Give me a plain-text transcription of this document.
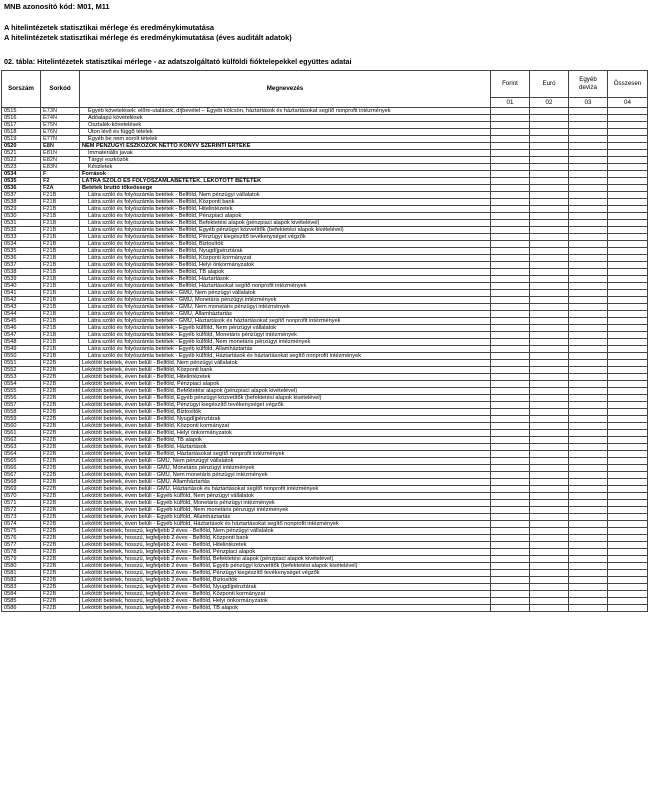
MNB azonosító kód: M01, M11
A hitelintézetek statisztikai mérlege és eredménykimutatása
A hitelintézetek statisztikai mérlege és eredménykimutatása (éves auditált adatok)
02. tábla: Hitelintézetek statisztikai mérlege - az adatszolgáltató külföldi fióktelepekkel együttes adatai
Sorszám	Sorkód	Megnevezés	Forint	Euró	Egyéb deviza	Összesen
			01	02	03	04
0515	E73N	Egyéb követelések: előre-utalások, díjbevétel – Egyéb kölcsön, háztartások és háztartásokat segítő nonprofit intézmények				
0516	E74N	Adóalapú követelések				
0517	E75N	Osztalék-követelések				
0518	E76N	Úton lévő és függő tételek				
0519	E77N	Egyéb be nem sorolt tételek				
0520	E8N	NEM PÉNZÜGYI ESZKÖZÖK NETTÓ KÖNYV SZERINTI ÉRTÉKE				
0521	E81N	Immateriális javak				
0522	E82N	Tárgyi eszközök				
0523	E83N	Készletek				
0534	F	Források				
0535	F2	LÁTRA SZÓLÓ ÉS FOLYÓSZÁMLABETÉTEK, LEKÖTÖTT BETÉTEK				
0536	F2A	Betétek bruttó tőkeössege				
0537	F21B	Látra szóló és folyószámla betétek - Belföld, Nem pénzügyi vállalatok				
0538	F21B	Látra szóló és folyószámla betétek - Belföld, Központi bank				
0529	F21B	Látra szóló és folyószámla betétek - Belföld, Hitelintézetek				
0530	F21B	Látra szóló és folyószámla betétek - Belföld, Pénzpiaci alapok				
0531	F21B	Látra szóló és folyószámla betétek - Belföld, Befektetési alapok (pénzpiaci alapok kivételével)				
0532	F21B	Látra szóló és folyószámla betétek - Belföld, Egyéb pénzügyi közvetítők (befektetési alapok kivételével)				
0533	F21B	Látra szóló és folyószámla betétek - Belföld, Pénzügyi kiegészítő tevékenységet végzők				
0534	F21B	Látra szóló és folyószámla betétek - Belföld, Biztosítók				
0535	F21B	Látra szóló és folyószámla betétek - Belföld, Nyugdíjpénztárak				
0536	F21B	Látra szóló és folyószámla betétek - Belföld, Központi kormányzat				
0537	F21B	Látra szóló és folyószámla betétek - Belföld, Helyi önkormányzatok				
0538	F21B	Látra szóló és folyószámla betétek - Belföld, TB alapok				
0539	F21B	Látra szóló és folyószámla betétek - Belföld, Háztartások				
0540	F21B	Látra szóló és folyószámla betétek - Belföld, Háztartásokat segítő nonprofit intézmények				
0541	F21B	Látra szóló és folyószámla betétek - GMU, Nem pénzügyi vállalatok				
0542	F21B	Látra szóló és folyószámla betétek - GMU, Monetáris pénzügyi intézmények				
0543	F21B	Látra szóló és folyószámla betétek - GMU, Nem monetáris pénzügyi intézmények				
0544	F21B	Látra szóló és folyószámla betétek - GMU, Államháztartás				
0545	F21B	Látra szóló és folyószámla betétek - GMU, Háztartások és háztartásokat segítő nonprofit intézmények				
0546	F21B	Látra szóló és folyószámla betétek - Egyéb külföld, Nem pénzügyi vállalatok				
0547	F21B	Látra szóló és folyószámla betétek - Egyéb külföld, Monetáris pénzügyi intézmények				
0548	F21B	Látra szóló és folyószámla betétek - Egyéb külföld, Nem monetáris pénzügyi intézmények				
0549	F21B	Látra szóló és folyószámla betétek - Egyéb külföld, Államháztartás				
0550	F21B	Látra szóló és folyószámla betétek - Egyéb külföld, Háztartások és háztartásokat segítő nonprofit intézmények				
0551	F22B	Lekötött betétek, éven belüli - Belföld, Nem pénzügyi vállalatok				
0552	F22B	Lekötött betétek, éven belüli - Belföld, Központi bank				
0553	F22B	Lekötött betétek, éven belüli - Belföld, Hitelintézetek				
0554	F22B	Lekötött betétek, éven belüli - Belföld, Pénzpiaci alapok				
0555	F22B	Lekötött betétek, éven belüli - Belföld, Befektetési alapok (pénzpiaci alapok kivételével)				
0556	F22B	Lekötött betétek, éven belüli - Belföld, Egyéb pénzügyi közvetítők (befektetési alapok kivételével)				
0557	F22B	Lekötött betétek, éven belüli - Belföld, Pénzügyi kiegészítő tevékenységet végzők				
0558	F22B	Lekötött betétek, éven belüli - Belföld, Biztosítók				
0559	F22B	Lekötött betétek, éven belüli - Belföld, Nyugdíjpénztárak				
0560	F22B	Lekötött betétek, éven belüli - Belföld, Központi kormányzat				
0561	F22B	Lekötött betétek, éven belüli - Belföld, Helyi önkormányzatok				
0562	F22B	Lekötött betétek, éven belüli - Belföld, TB alapok				
0563	F22B	Lekötött betétek, éven belüli - Belföld, Háztartások				
0564	F22B	Lekötött betétek, éven belüli - Belföld, Háztartásokat segítő nonprofit intézmények				
0565	F22B	Lekötött betétek, éven belüli - GMU, Nem pénzügyi vállalatok				
0566	F22B	Lekötött betétek, éven belüli - GMU, Monetáris pénzügyi intézmények				
0567	F22B	Lekötött betétek, éven belüli - GMU, Nem monetáris pénzügyi intézmények				
0568	F22B	Lekötött betétek, éven belüli - GMU, Államháztartás				
0569	F22B	Lekötött betétek, éven belüli - GMU, Háztartások és háztartásokat segítő nonprofit intézmények				
0570	F22B	Lekötött betétek, éven belüli - Egyéb külföld, Nem pénzügyi vállalatok				
0571	F22B	Lekötött betétek, éven belüli - Egyéb külföld, Monetáris pénzügyi intézmények				
0572	F22B	Lekötött betétek, éven belüli - Egyéb külföld, Nem monetáris pénzügyi intézmények				
0573	F22B	Lekötött betétek, éven belüli - Egyéb külföld, Államháztartás				
0574	F22B	Lekötött betétek, éven belüli - Egyéb külföld, Háztartások és háztartásokat segítő nonprofit intézmények				
0575	F22B	Lekötött betétek, hosszú, legfeljebb 2 éves - Belföld, Nem pénzügyi vállalatok				
0576	F22B	Lekötött betétek, hosszú, legfeljebb 2 éves - Belföld, Központi bank				
0577	F22B	Lekötött betétek, hosszú, legfeljebb 2 éves - Belföld, Hitelintézetek				
0578	F22B	Lekötött betétek, hosszú, legfeljebb 2 éves - Belföld, Pénzpiaci alapok				
0579	F22B	Lekötött betétek, hosszú, legfeljebb 2 éves - Belföld, Befektetési alapok (pénzpiaci alapok kivételével)				
0580	F22B	Lekötött betétek, hosszú, legfeljebb 2 éves - Belföld, Egyéb pénzügyi közvetítők (befektetési alapok kivételével)				
0581	F22B	Lekötött betétek, hosszú, legfeljebb 2 éves - Belföld, Pénzügyi kiegészítő tevékenységet végzők				
0582	F22B	Lekötött betétek, hosszú, legfeljebb 2 éves - Belföld, Biztosítók				
0583	F22B	Lekötött betétek, hosszú, legfeljebb 2 éves - Belföld, Nyugdíjpénztárak				
0584	F22B	Lekötött betétek, hosszú, legfeljebb 2 éves - Belföld, Központi kormányzat				
0585	F22B	Lekötött betétek, hosszú, legfeljebb 2 éves - Belföld, Helyi önkormányzatok				
0586	F22B	Lekötött betétek, hosszú, legfeljebb 2 éves - Belföld, TB alapok				
